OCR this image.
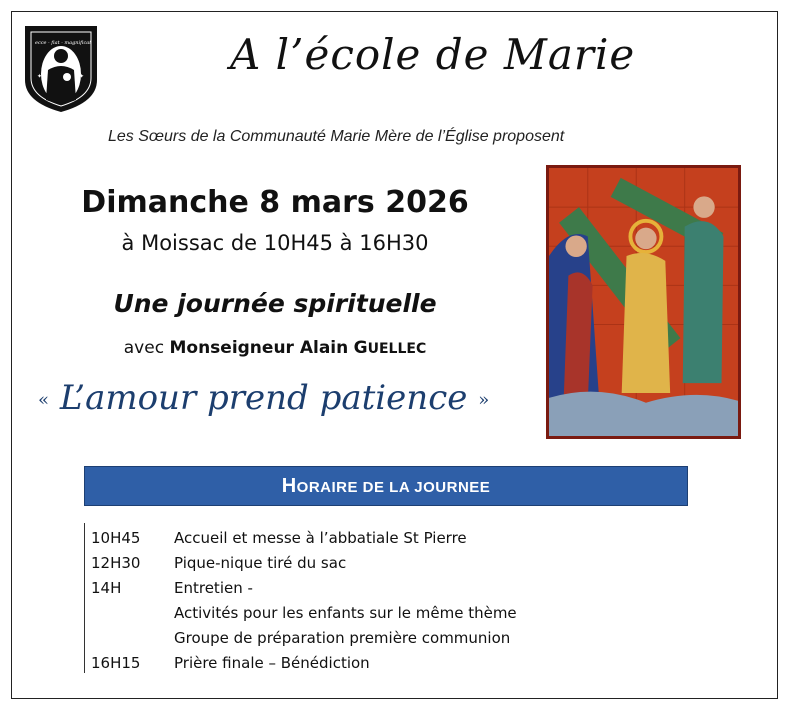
ecce · fiat · magnificat
✦	✦	A l’école de Marie
Les Sœurs de la Communauté Marie Mère de l’Église proposent
Dimanche 8 mars 2026
à Moissac de 10H45 à 16H30
Une journée spirituelle
avec Monseigneur Alain GUELLEC
« L’amour prend patience »
HORAIRE DE LA JOURNEE
10H45 Accueil et messe à l’abbatiale St Pierre
12H30 Pique-nique tiré du sac
14H	Entretien -
Activités pour les enfants sur le même thème
Groupe de préparation première communion
16H15 Prière finale – Bénédiction
